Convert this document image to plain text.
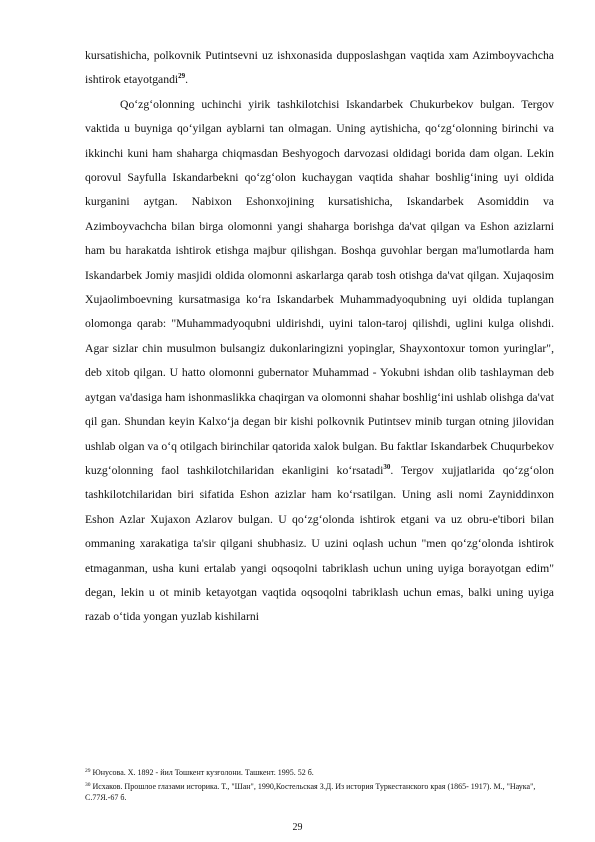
kursatishicha, polkovnik Putintsevni uz ishxonasida dupposlashgan vaqtida xam Azimboyvachcha ishtirok etayotgandi$^{29}$.

Qo‘zg‘olonning uchinchi yirik tashkilotchisi Iskandarbek Chukurbekov bulgan. Tergov vaktida u buyniga qo‘yilgan ayblarni tan olmagan. Uning aytishicha, qo‘zg‘olonning birinchi va ikkinchi kuni ham shaharga chiqmasdan Beshyogoch darvozasi oldidagi borida dam olgan. Lekin qorovul Sayfulla Iskandarbekni qo‘zg‘olon kuchaygan vaqtida shahar boshlig‘ining uyi oldida kurganini aytgan. Nabixon Eshonxojining kursatishicha, Iskandarbek Asomiddin va Azimboyvachcha bilan birga olomonni yangi shaharga borishga da'vat qilgan va Eshon azizlarni ham bu harakatda ishtirok etishga majbur qilishgan. Boshqa guvohlar bergan ma'lumotlarda ham Iskandarbek Jomiy masjidi oldida olomonni askarlarga qarab tosh otishga da'vat qilgan. Xujaqosim Xujaolimboevning kursatmasiga ko‘ra Iskandarbek Muhammadyoqubning uyi oldida tuplangan olomonga qarab: "Muhammadyoqubni uldirishdi, uyini talon-taroj qilishdi, uglini kulga olishdi. Agar sizlar chin musulmon bulsangiz dukonlaringizni yopinglar, Shayxontoxur tomon yuringlar", deb xitob qilgan. U hatto olomonni gubernator Muhammad - Yokubni ishdan olib tashlayman deb aytgan va'dasiga ham ishonmaslikka chaqirgan va olomonni shahar boshlig‘ini ushlab olishga da'vat qil gan. Shundan keyin Kalxo‘ja degan bir kishi polkovnik Putintsev minib turgan otning jilovidan ushlab olgan va o‘q otilgach birinchilar qatorida xalok bulgan. Bu faktlar Iskandarbek Chuqurbekov kuzg‘olonning faol tashkilotchilaridan ekanligini ko‘rsatadi$^{30}$. Tergov xujjatlarida qo‘zg‘olon tashkilotchilaridan biri sifatida Eshon azizlar ham ko‘rsatilgan. Uning asli nomi Zayniddinxon Eshon Azlar Xujaxon Azlarov bulgan. U qo‘zg‘olonda ishtirok etgani va uz obru-e'tibori bilan ommaning xarakatiga ta'sir qilgani shubhasiz. U uzini oqlash uchun "men qo‘zg‘olonda ishtirok etmaganman, usha kuni ertalab yangi oqsoqolni tabriklash uchun uning uyiga borayotgan edim" degan, lekin u ot minib ketayotgan vaqtida oqsoqolni tabriklash uchun emas, balki uning uyiga razab o‘tida yongan yuzlab kishilarni

$^{29}$ Юнусова. Х. 1892 - йил Тошкент кузғолони. Ташкент. 1995. 52 б.

$^{30}$ Исхаков. Прошлое глазами историка. Т., "Шан", 1990,Костельская З.Д. Из история Туркестанского края (1865- 1917). М., "Наука", С.77Я.-67 б.

29
